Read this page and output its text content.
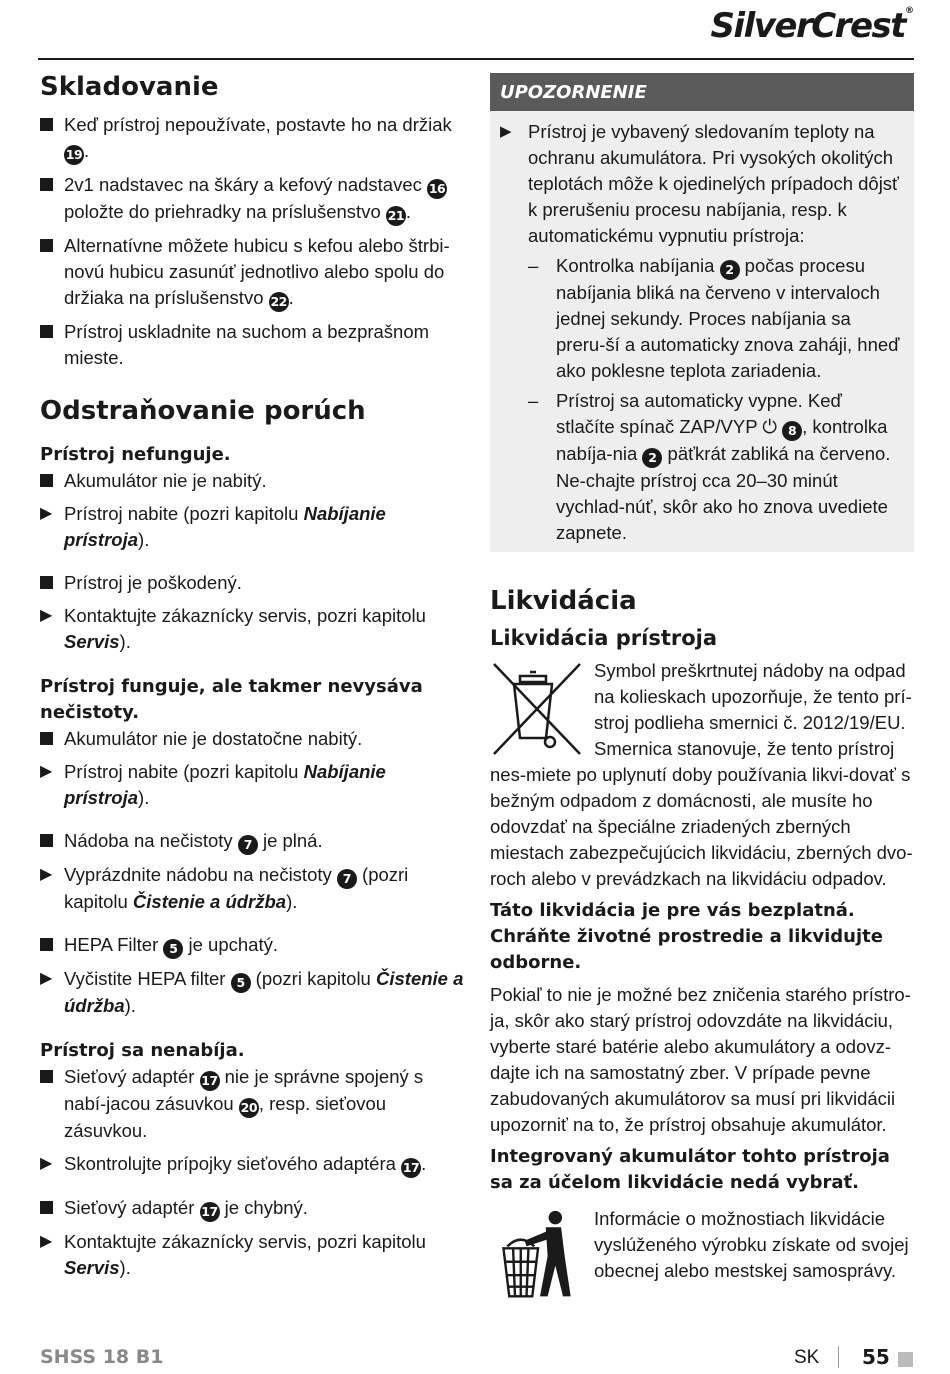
SilverCrest®
Skladovanie
Keď prístroj nepoužívate, postavte ho na držiak 19.
2v1 nadstavec na škáry a kefový nadstavec 16 položte do priehradky na príslušenstvo 21.
Alternatívne môžete hubicu s kefou alebo štrbi-novú hubicu zasunúť jednotlivo alebo spolu do držiaka na príslušenstvo 22.
Prístroj uskladnite na suchom a bezprašnom mieste.
Odstraňovanie porúch
Prístroj nefunguje.
Akumulátor nie je nabitý.
▶ Prístroj nabite (pozri kapitolu Nabíjanie prístroja).
Prístroj je poškodený.
▶ Kontaktujte zákaznícky servis, pozri kapitolu Servis).
Prístroj funguje, ale takmer nevysáva nečistoty.
Akumulátor nie je dostatočne nabitý.
▶ Prístroj nabite (pozri kapitolu Nabíjanie prístroja).
Nádoba na nečistoty 7 je plná.
▶ Vyprázdnite nádobu na nečistoty 7 (pozri kapitolu Čistenie a údržba).
HEPA Filter 5 je upchatý.
▶ Vyčistite HEPA filter 5 (pozri kapitolu Čistenie a údržba).
Prístroj sa nenabíja.
Sieťový adaptér 17 nie je správne spojený s nabí-jacou zásuvkou 20, resp. sieťovou zásuvkou.
▶ Skontrolujte prípojky sieťového adaptéra 17.
Sieťový adaptér 17 je chybný.
▶ Kontaktujte zákaznícky servis, pozri kapitolu Servis).
UPOZORNENIE
▶ Prístroj je vybavený sledovaním teploty na ochranu akumulátora. Pri vysokých okolitých teplotách môže k ojedinelých prípadoch dôjsť k prerušeniu procesu nabíjania, resp. k automatickému vypnutiu prístroja:
– Kontrolka nabíjania 2 počas procesu nabíjania bliká na červeno v intervaloch jednej sekundy. Proces nabíjania sa preru-ší a automaticky znova zaháji, hneď ako poklesne teplota zariadenia.
– Prístroj sa automaticky vypne. Keď stlačíte spínač ZAP/VYP ⏻ 8 , kontrolka nabíja-nia 2 päťkrát zabliká na červeno. Ne-chajte prístroj cca 20–30 minút vychlad-núť, skôr ako ho znova uvediete zapnete.
Likvidácia
Likvidácia prístroja
Symbol preškrtnutej nádoby na odpad na kolieskach upozorňuje, že tento prí-stroj podlieha smernici č. 2012/19/EU. Smernica stanovuje, že tento prístroj nes-miete po uplynutí doby používania likvi-dovať s bežným odpadom z domácnosti, ale musíte ho odovzdať na špeciálne zriadených zberných miestach zabezpečujúcich likvidáciu, zberných dvo-roch alebo v prevádzkach na likvidáciu odpadov.
Táto likvidácia je pre vás bezplatná. Chráňte životné prostredie a likvidujte odborne.
Pokiaľ to nie je možné bez zničenia starého prístro-ja, skôr ako starý prístroj odovzdáte na likvidáciu, vyberte staré batérie alebo akumulátory a odovz-dajte ich na samostatný zber. V prípade pevne zabudovaných akumulátorov sa musí pri likvidácii upozorniť na to, že prístroj obsahuje akumulátor.
Integrovaný akumulátor tohto prístroja sa za účelom likvidácie nedá vybrať.
Informácie o možnostiach likvidácie vyslúženého výrobku získate od svojej obecnej alebo mestskej samosprávy.
SHSS 18 B1	SK 55
